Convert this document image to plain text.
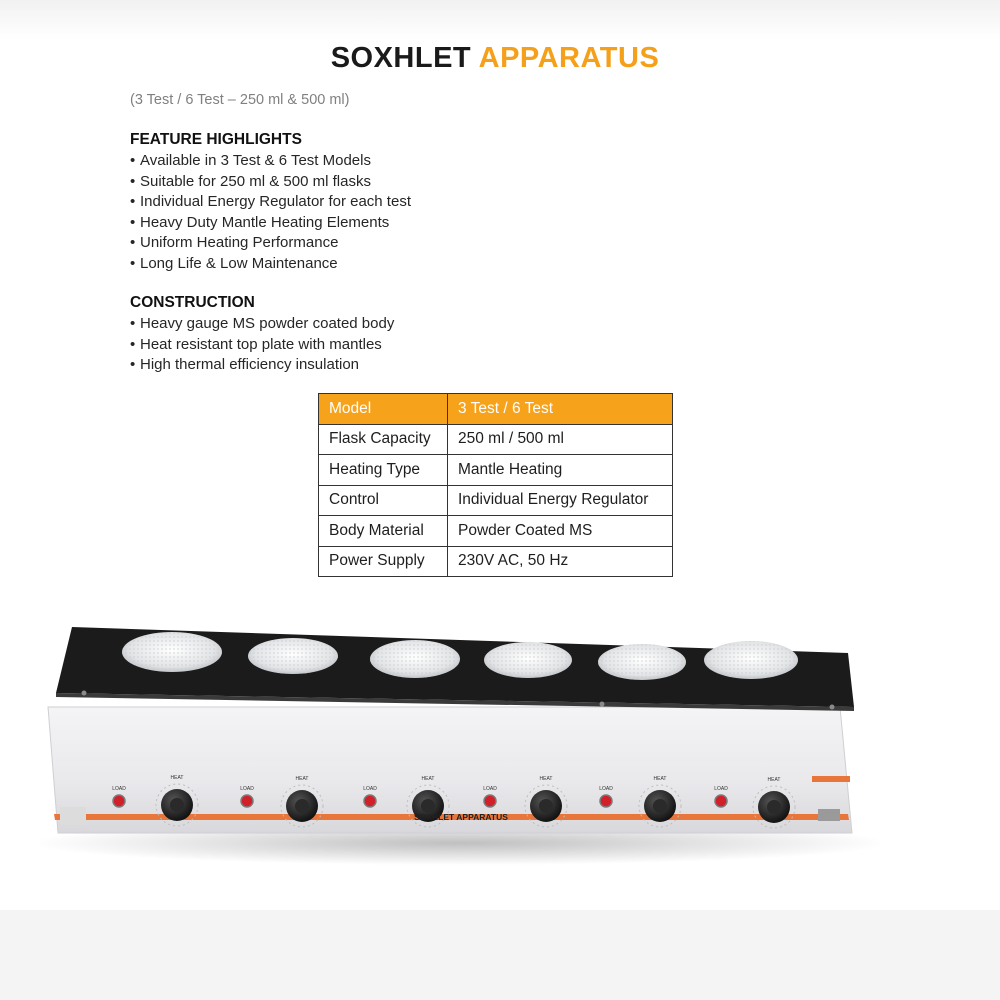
SOXHLET APPARATUS
(3 Test / 6 Test – 250 ml & 500 ml)
FEATURE HIGHLIGHTS
• Available in 3 Test & 6 Test Models
• Suitable for 250 ml & 500 ml flasks
• Individual Energy Regulator for each test
• Heavy Duty Mantle Heating Elements
• Uniform Heating Performance
• Long Life & Low Maintenance
CONSTRUCTION
• Heavy gauge MS powder coated body
• Heat resistant top plate with mantles
• High thermal efficiency insulation
Model	3 Test / 6 Test
Flask Capacity	250 ml / 500 ml
Heating Type	Mantle Heating
Control	Individual Energy Regulator
Body Material	Powder Coated MS
Power Supply	230V AC, 50 Hz
LOAD	LOAD	LOAD	LOAD	LOAD	LOAD
HEAT	HEAT	HEAT	HEAT	HEAT	HEAT
SOXHLET APPARATUS
